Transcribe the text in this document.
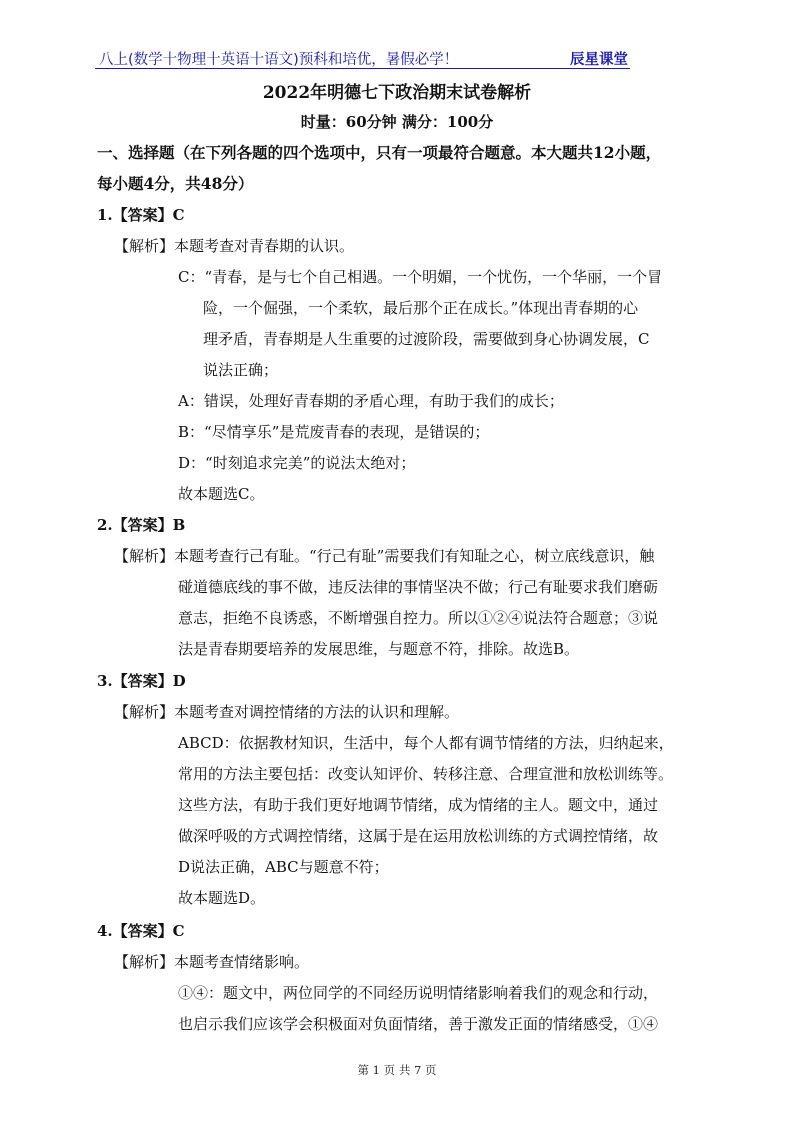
八上(数学十物理十英语十语文)预科和培优，暑假必学！	辰星课堂
2022年明德七下政治期末试卷解析
时量：60分钟 满分：100分
一、选择题（在下列各题的四个选项中，只有一项最符合题意。本大题共12小题，
每小题4分，共48分）
1.【答案】C
【解析】本题考查对青春期的认识。
C：“青春，是与七个自己相遇。一个明媚，一个忧伤，一个华丽，一个冒
险，一个倔强，一个柔软，最后那个正在成长。”体现出青春期的心
理矛盾，青春期是人生重要的过渡阶段，需要做到身心协调发展，C
说法正确；
A：错误，处理好青春期的矛盾心理，有助于我们的成长；
B：“尽情享乐”是荒废青春的表现，是错误的；
D：“时刻追求完美”的说法太绝对；
故本题选C。
2.【答案】B
【解析】本题考查行己有耻。“行己有耻”需要我们有知耻之心，树立底线意识，触
碰道德底线的事不做，违反法律的事情坚决不做；行己有耻要求我们磨砺
意志，拒绝不良诱惑，不断增强自控力。所以①②④说法符合题意；③说
法是青春期要培养的发展思维，与题意不符，排除。故选B。
3.【答案】D
【解析】本题考查对调控情绪的方法的认识和理解。
ABCD：依据教材知识，生活中，每个人都有调节情绪的方法，归纳起来，
常用的方法主要包括：改变认知评价、转移注意、合理宣泄和放松训练等。
这些方法，有助于我们更好地调节情绪，成为情绪的主人。题文中，通过
做深呼吸的方式调控情绪，这属于是在运用放松训练的方式调控情绪，故
D说法正确，ABC与题意不符；
故本题选D。
4.【答案】C
【解析】本题考查情绪影响。
①④：题文中，两位同学的不同经历说明情绪影响着我们的观念和行动，
也启示我们应该学会积极面对负面情绪，善于激发正面的情绪感受，①④
第 1 页 共 7 页
